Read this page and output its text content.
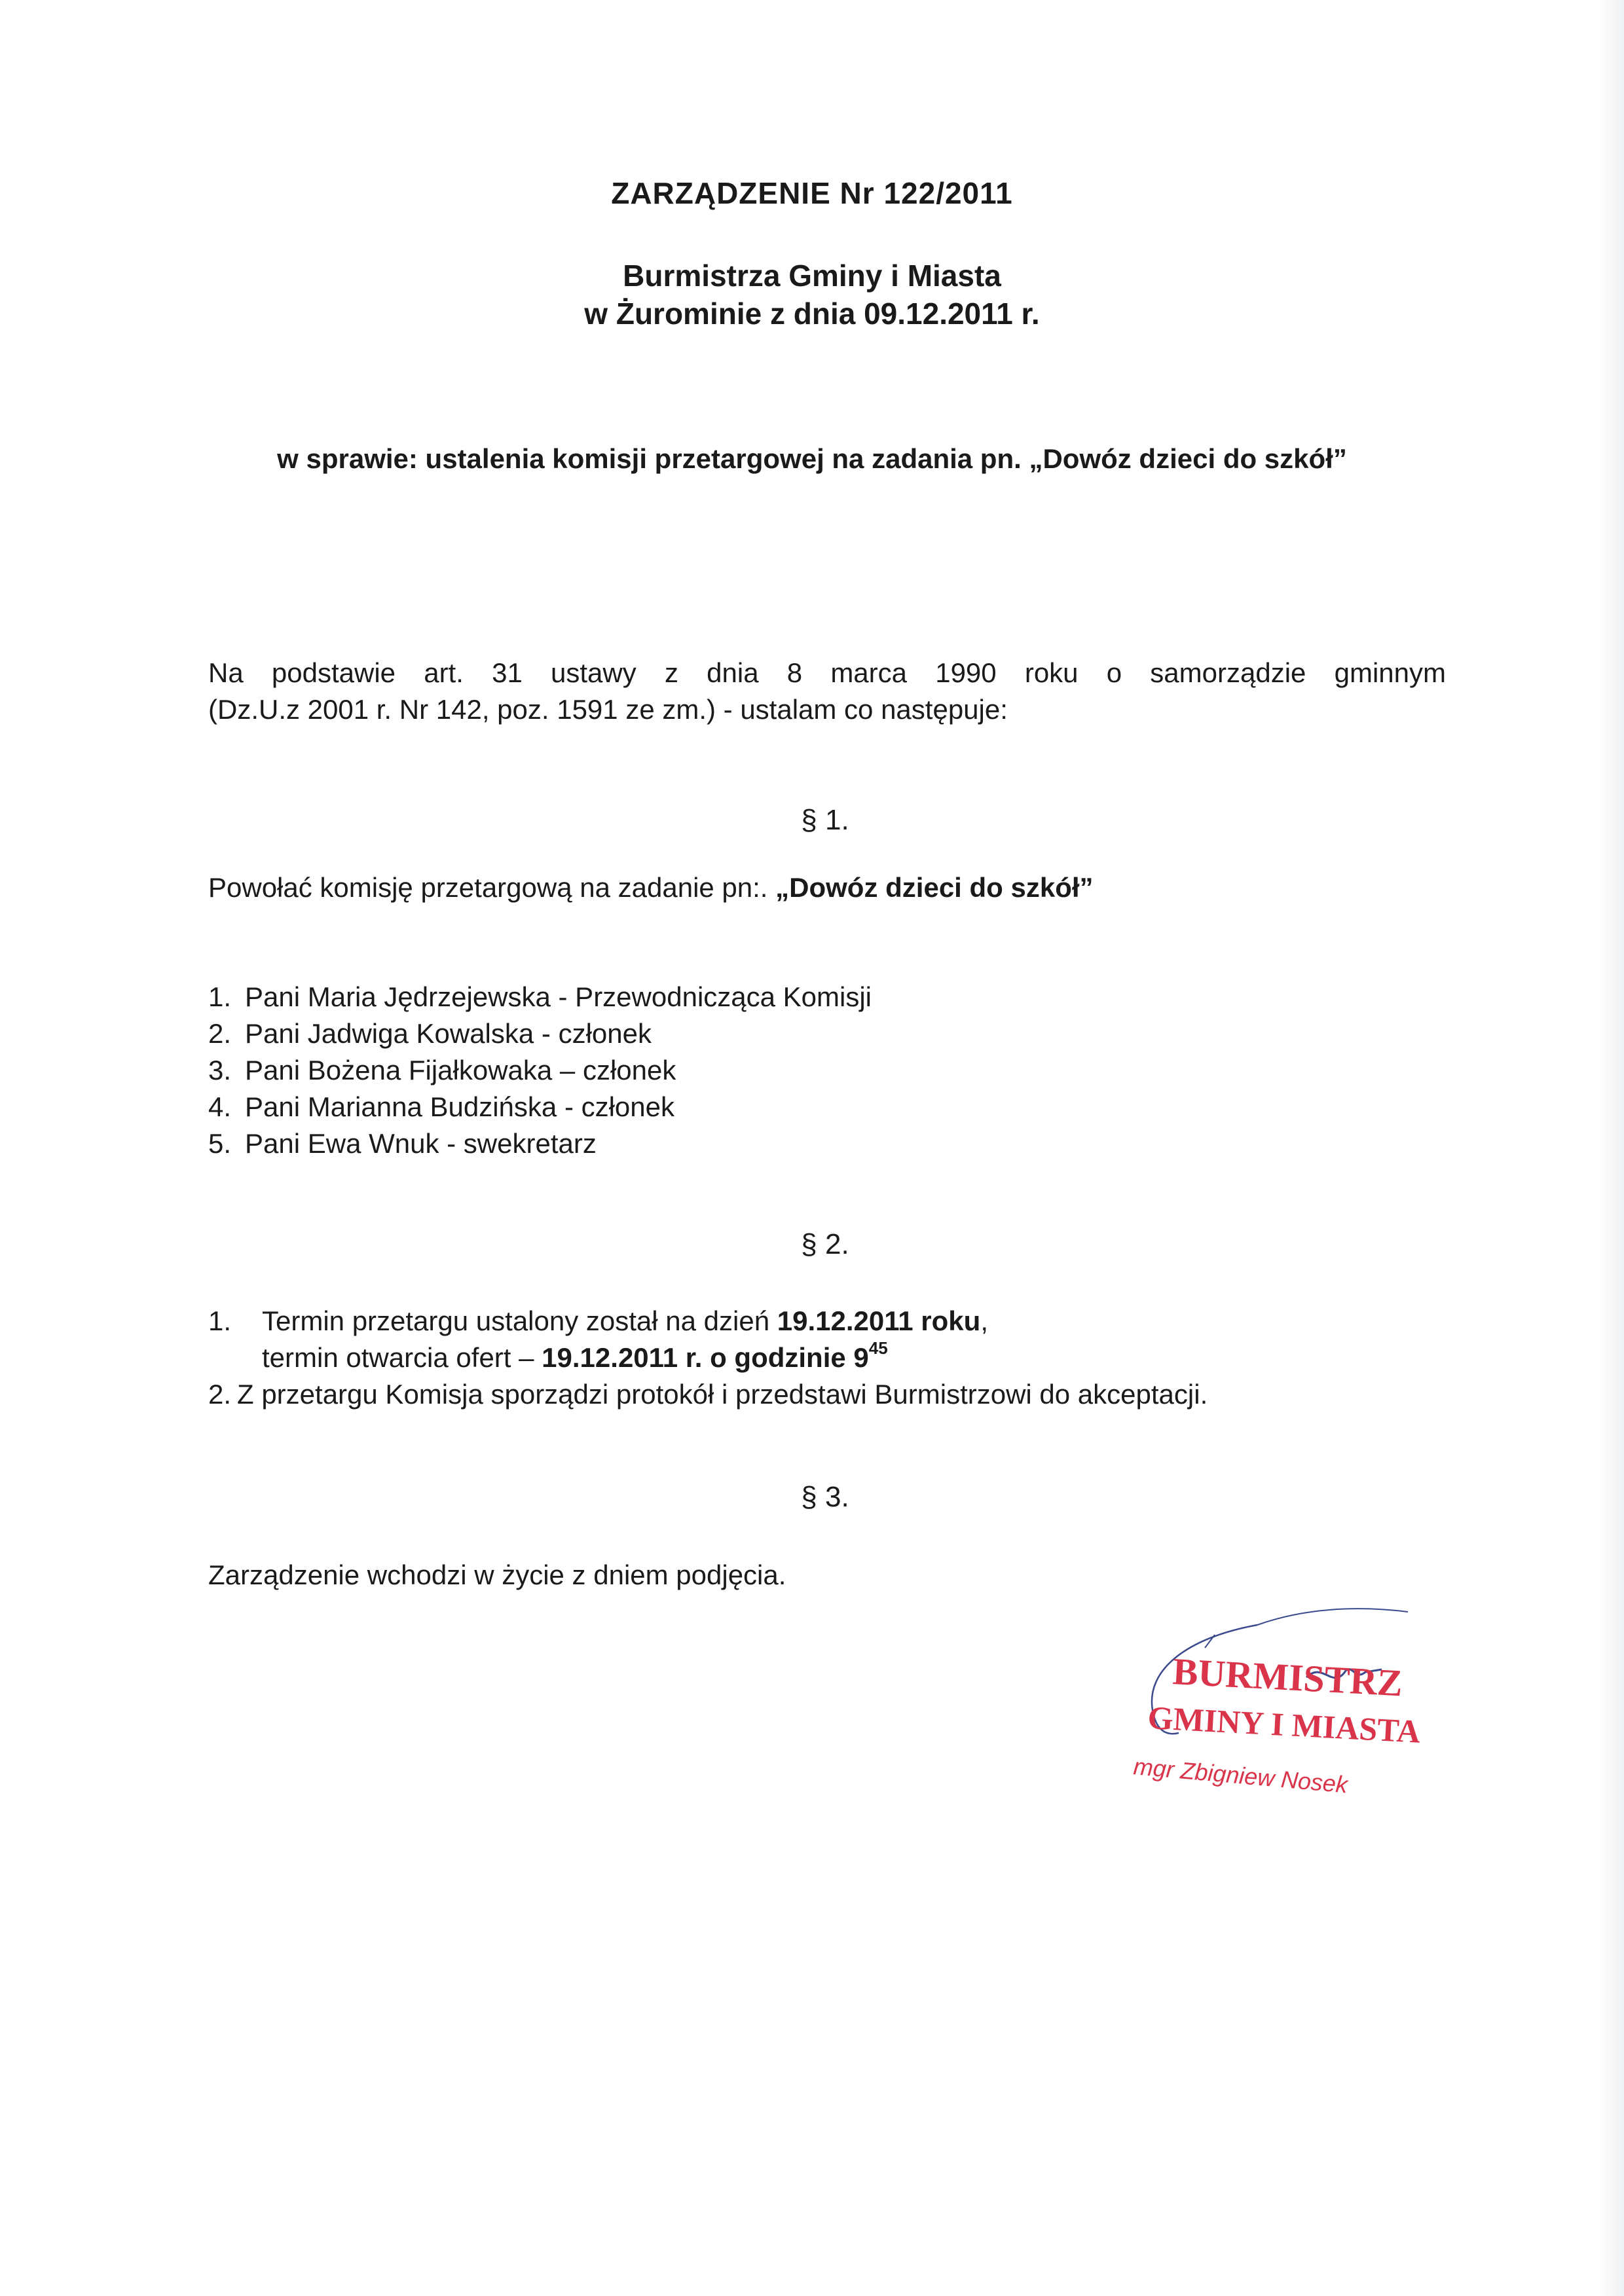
ZARZĄDZENIE Nr 122/2011
Burmistrza Gminy i Miasta
w Żurominie z dnia 09.12.2011 r.
w sprawie: ustalenia komisji przetargowej na zadania pn. „Dowóz dzieci do szkół”
Na podstawie art. 31 ustawy z dnia 8 marca 1990 roku o samorządzie gminnym
(Dz.U.z 2001 r. Nr 142, poz. 1591 ze zm.) - ustalam co następuje:
§ 1.
Powołać komisję przetargową na zadanie pn:. „Dowóz dzieci do szkół”
1. Pani Maria Jędrzejewska - Przewodnicząca Komisji
2. Pani Jadwiga Kowalska - członek
3. Pani Bożena Fijałkowaka – członek
4. Pani Marianna Budzińska - członek
5. Pani Ewa Wnuk - swekretarz
§ 2.
1. Termin przetargu ustalony został na dzień 19.12.2011 roku,
termin otwarcia ofert – 19.12.2011 r. o godzinie $9^{45}$
2. Z przetargu Komisja sporządzi protokół i przedstawi Burmistrzowi do akceptacji.
§ 3.
Zarządzenie wchodzi w życie z dniem podjęcia.
BURMISTRZ
GMINY I MIASTA
mgr Zbigniew Nosek
